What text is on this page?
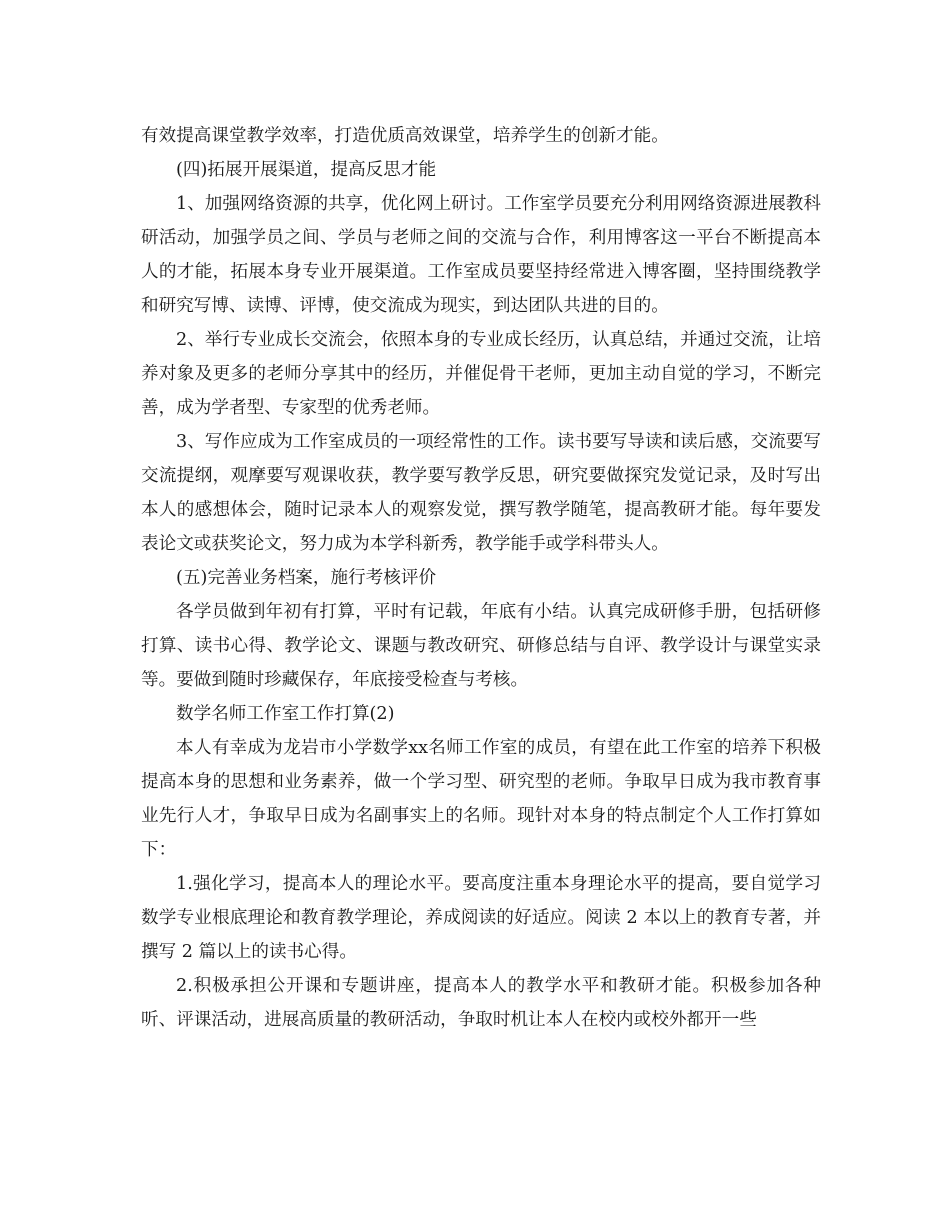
有效提高课堂教学效率，打造优质高效课堂，培养学生的创新才能。

(四)拓展开展渠道，提高反思才能

1、加强网络资源的共享，优化网上研讨。工作室学员要充分利用网络资源进展教科研活动，加强学员之间、学员与老师之间的交流与合作，利用博客这一平台不断提高本人的才能，拓展本身专业开展渠道。工作室成员要坚持经常进入博客圈，坚持围绕教学和研究写博、读博、评博，使交流成为现实，到达团队共进的目的。

2、举行专业成长交流会，依照本身的专业成长经历，认真总结，并通过交流，让培养对象及更多的老师分享其中的经历，并催促骨干老师，更加主动自觉的学习，不断完善，成为学者型、专家型的优秀老师。

3、写作应成为工作室成员的一项经常性的工作。读书要写导读和读后感，交流要写交流提纲，观摩要写观课收获，教学要写教学反思，研究要做探究发觉记录，及时写出本人的感想体会，随时记录本人的观察发觉，撰写教学随笔，提高教研才能。每年要发表论文或获奖论文，努力成为本学科新秀，教学能手或学科带头人。

(五)完善业务档案，施行考核评价

各学员做到年初有打算，平时有记载，年底有小结。认真完成研修手册，包括研修打算、读书心得、教学论文、课题与教改研究、研修总结与自评、教学设计与课堂实录等。要做到随时珍藏保存，年底接受检查与考核。

数学名师工作室工作打算(2)

本人有幸成为龙岩市小学数学xx名师工作室的成员，有望在此工作室的培养下积极提高本身的思想和业务素养，做一个学习型、研究型的老师。争取早日成为我市教育事业先行人才，争取早日成为名副事实上的名师。现针对本身的特点制定个人工作打算如下：

1.强化学习，提高本人的理论水平。要高度注重本身理论水平的提高，要自觉学习数学专业根底理论和教育教学理论，养成阅读的好适应。阅读 2 本以上的教育专著，并撰写 2 篇以上的读书心得。

2.积极承担公开课和专题讲座，提高本人的教学水平和教研才能。积极参加各种听、评课活动，进展高质量的教研活动，争取时机让本人在校内或校外都开一些
